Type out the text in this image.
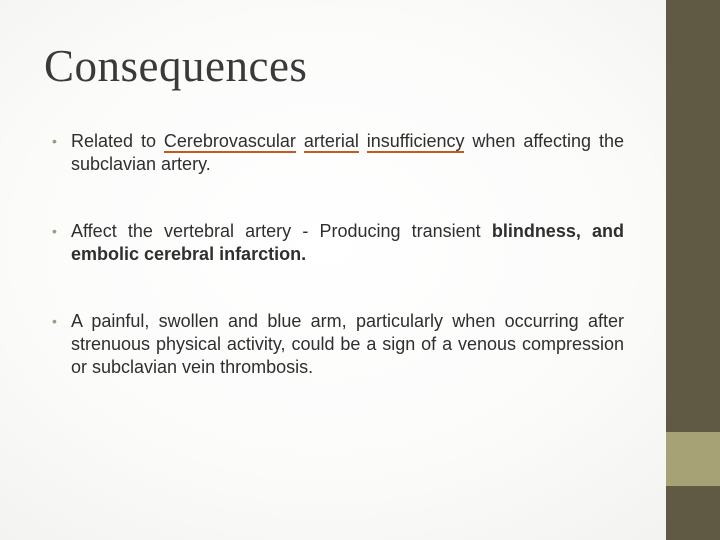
Consequences
• Related to Cerebrovascular arterial insufficiency when affecting the subclavian artery.
• Affect the vertebral artery - Producing transient blindness, and embolic cerebral infarction.
• A painful, swollen and blue arm, particularly when occurring after strenuous physical activity, could be a sign of a venous compression or subclavian vein thrombosis.
